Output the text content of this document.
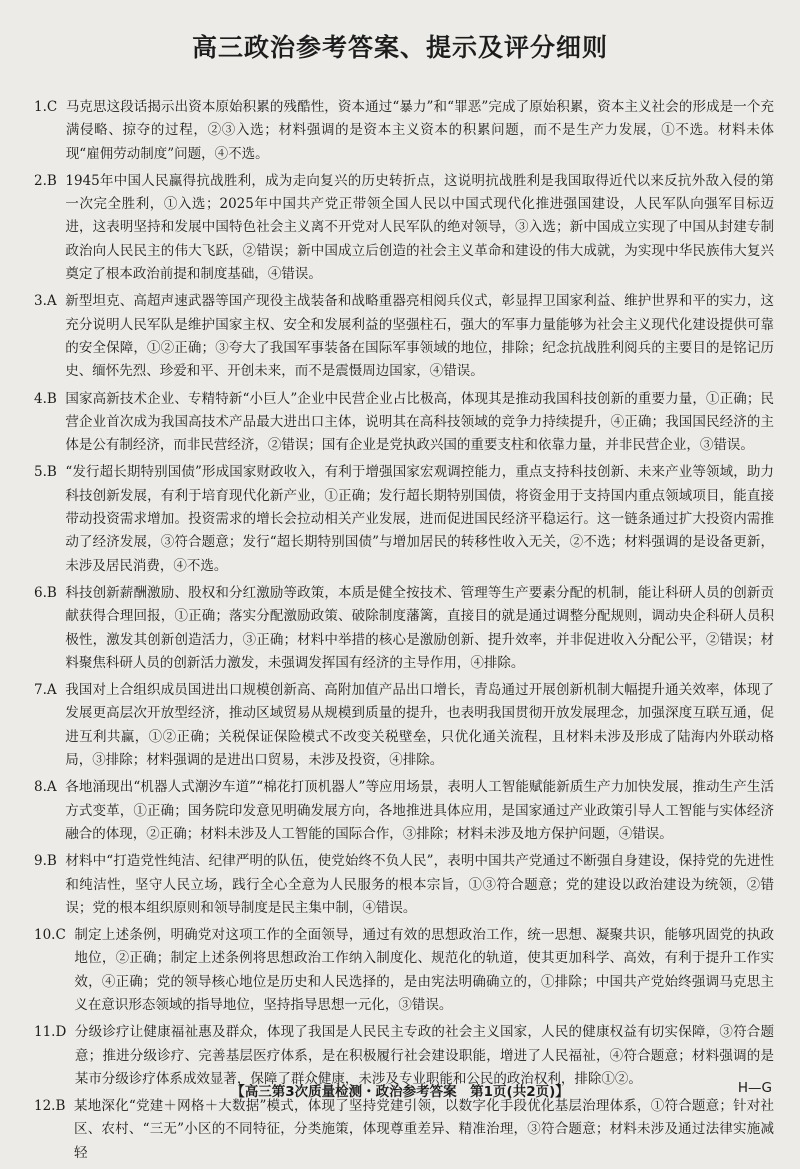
高三政治参考答案、提示及评分细则
1.C
马克思这段话揭示出资本原始积累的残酷性，资本通过“暴力”和“罪恶”完成了原始积累，资本主义社会的形成是一个充满侵略、掠夺的过程，②③入选；材料强调的是资本主义资本的积累问题，而不是生产力发展，①不选。材料未体现“雇佣劳动制度”问题，④不选。
2.B
1945年中国人民赢得抗战胜利，成为走向复兴的历史转折点，这说明抗战胜利是我国取得近代以来反抗外敌入侵的第一次完全胜利，①入选；2025年中国共产党正带领全国人民以中国式现代化推进强国建设，人民军队向强军目标迈进，这表明坚持和发展中国特色社会主义离不开党对人民军队的绝对领导，③入选；新中国成立实现了中国从封建专制政治向人民民主的伟大飞跃，②错误；新中国成立后创造的社会主义革命和建设的伟大成就，为实现中华民族伟大复兴奠定了根本政治前提和制度基础，④错误。
3.A
新型坦克、高超声速武器等国产现役主战装备和战略重器亮相阅兵仪式，彰显捍卫国家利益、维护世界和平的实力，这充分说明人民军队是维护国家主权、安全和发展利益的坚强柱石，强大的军事力量能够为社会主义现代化建设提供可靠的安全保障，①②正确；③夸大了我国军事装备在国际军事领域的地位，排除；纪念抗战胜利阅兵的主要目的是铭记历史、缅怀先烈、珍爱和平、开创未来，而不是震慑周边国家，④错误。
4.B
国家高新技术企业、专精特新“小巨人”企业中民营企业占比极高，体现其是推动我国科技创新的重要力量，①正确；民营企业首次成为我国高技术产品最大进出口主体，说明其在高科技领域的竞争力持续提升，④正确；我国国民经济的主体是公有制经济，而非民营经济，②错误；国有企业是党执政兴国的重要支柱和依靠力量，并非民营企业，③错误。
5.B
“发行超长期特别国债”形成国家财政收入，有利于增强国家宏观调控能力，重点支持科技创新、未来产业等领域，助力科技创新发展，有利于培育现代化新产业，①正确；发行超长期特别国债，将资金用于支持国内重点领域项目，能直接带动投资需求增加。投资需求的增长会拉动相关产业发展，进而促进国民经济平稳运行。这一链条通过扩大投资内需推动了经济发展，③符合题意；发行“超长期特别国债”与增加居民的转移性收入无关，②不选；材料强调的是设备更新，未涉及居民消费，④不选。
6.B
科技创新薪酬激励、股权和分红激励等政策，本质是健全按技术、管理等生产要素分配的机制，能让科研人员的创新贡献获得合理回报，①正确；落实分配激励政策、破除制度藩篱，直接目的就是通过调整分配规则，调动央企科研人员积极性，激发其创新创造活力，③正确；材料中举措的核心是激励创新、提升效率，并非促进收入分配公平，②错误；材料聚焦科研人员的创新活力激发，未强调发挥国有经济的主导作用，④排除。
7.A
我国对上合组织成员国进出口规模创新高、高附加值产品出口增长，青岛通过开展创新机制大幅提升通关效率，体现了发展更高层次开放型经济，推动区域贸易从规模到质量的提升，也表明我国贯彻开放发展理念，加强深度互联互通，促进互利共赢，①②正确；关税保证保险模式不改变关税壁垒，只优化通关流程，且材料未涉及形成了陆海内外联动格局，③排除；材料强调的是进出口贸易，未涉及投资，④排除。
8.A
各地涌现出“机器人式潮汐车道”“棉花打顶机器人”等应用场景，表明人工智能赋能新质生产力加快发展，推动生产生活方式变革，①正确；国务院印发意见明确发展方向，各地推进具体应用，是国家通过产业政策引导人工智能与实体经济融合的体现，②正确；材料未涉及人工智能的国际合作，③排除；材料未涉及地方保护问题，④错误。
9.B
材料中“打造党性纯洁、纪律严明的队伍，使党始终不负人民”，表明中国共产党通过不断强自身建设，保持党的先进性和纯洁性，坚守人民立场，践行全心全意为人民服务的根本宗旨，①③符合题意；党的建设以政治建设为统领，②错误；党的根本组织原则和领导制度是民主集中制，④错误。
10.C
制定上述条例，明确党对这项工作的全面领导，通过有效的思想政治工作，统一思想、凝聚共识，能够巩固党的执政地位，②正确；制定上述条例将思想政治工作纳入制度化、规范化的轨道，使其更加科学、高效，有利于提升工作实效，④正确；党的领导核心地位是历史和人民选择的，是由宪法明确确立的，①排除；中国共产党始终强调马克思主义在意识形态领域的指导地位，坚持指导思想一元化，③错误。
11.D
分级诊疗让健康福祉惠及群众，体现了我国是人民民主专政的社会主义国家，人民的健康权益有切实保障，③符合题意；推进分级诊疗、完善基层医疗体系，是在积极履行社会建设职能，增进了人民福祉，④符合题意；材料强调的是某市分级诊疗体系成效显著，保障了群众健康，未涉及专业职能和公民的政治权利，排除①②。
12.B
某地深化“党建＋网格＋大数据”模式，体现了坚持党建引领，以数字化手段优化基层治理体系，①符合题意；针对社区、农村、“三无”小区的不同特征，分类施策，体现尊重差异、精准治理，③符合题意；材料未涉及通过法律实施减轻
【高三第3次质量检测・政治参考答案　第1页(共2页)】	H—G
